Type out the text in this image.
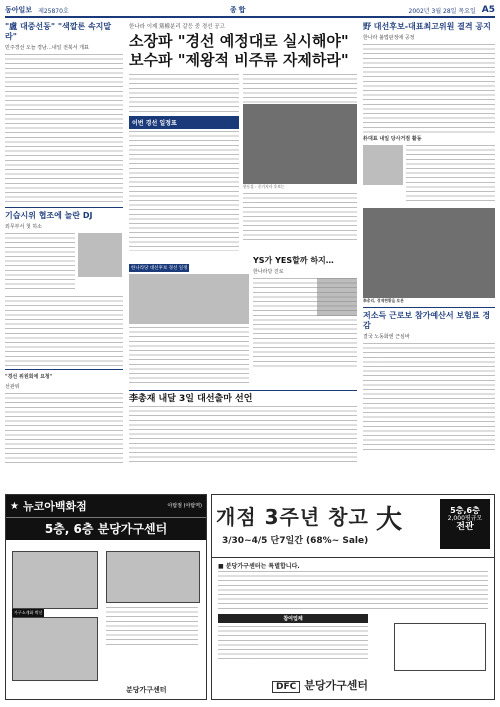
동아일보 제25870호	종합	2002년 3월 28일 목요일 A5
"盧 대중선동" "색깔론 속지말라"
민주경선 오늘 경남…내일 전북서 개표
기습시위 협조에 놀란 DJ
외무부서 첫 하소
"경선 위원회에 요청"
선관위
한나라 이제 黨權분리 갈등 중 경선 공고
소장파 "경선 예정대로 실시해야" 보수파 "제왕적 비주류 자제하라"
이번 경선 일정표
한동훈 : 중기지사 후보는
한나라당 대선후보 경선 일정
YS가 YES할까 하지…
한나라당 진로
李총재 내달 3일 대선출마 선언
野 대선후보-대표최고위원 결격 공지
한나라 불법판정에 공정
朴대표 내일 당사거점 활동
李총리, 경제현황을 토론
저소득 근로보 참가예산서 보험료 경감
결국 노동화엔 근심바
★ 뉴코아백화점	야탑점 (야탑역)
5층, 6층 분당가구센터
가구소개화 박신
분당가구센터
개점 3주년 창고 大
3/30~4/5 단7일간 (68%~ Sale)
5층,6층
2,000평규모
전관
■ 분당가구센터는 특별합니다.
참여업체
DFC 분당가구센터
